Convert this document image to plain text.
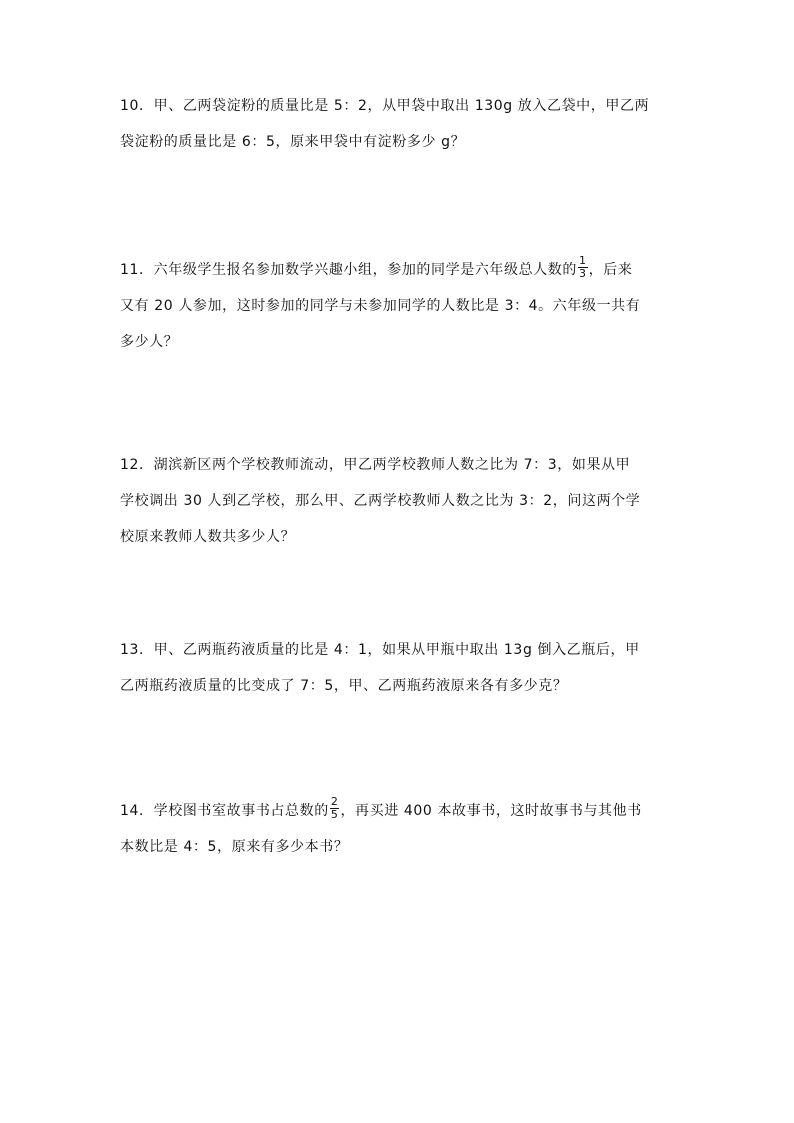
10．甲、乙两袋淀粉的质量比是 5：2，从甲袋中取出 130g 放入乙袋中，甲乙两
袋淀粉的质量比是 6：5，原来甲袋中有淀粉多少 g？
11．六年级学生报名参加数学兴趣小组，参加的同学是六年级总人数的 $\frac{1}{3}$ ，后来
又有 20 人参加，这时参加的同学与未参加同学的人数比是 3：4。六年级一共有
多少人？
12．湖滨新区两个学校教师流动，甲乙两学校教师人数之比为 7：3，如果从甲
学校调出 30 人到乙学校，那么甲、乙两学校教师人数之比为 3：2，问这两个学
校原来教师人数共多少人？
13．甲、乙两瓶药液质量的比是 4：1，如果从甲瓶中取出 13g 倒入乙瓶后，甲
乙两瓶药液质量的比变成了 7：5，甲、乙两瓶药液原来各有多少克？
14．学校图书室故事书占总数的 $\frac{2}{5}$ ，再买进 400 本故事书，这时故事书与其他书
本数比是 4：5，原来有多少本书？
